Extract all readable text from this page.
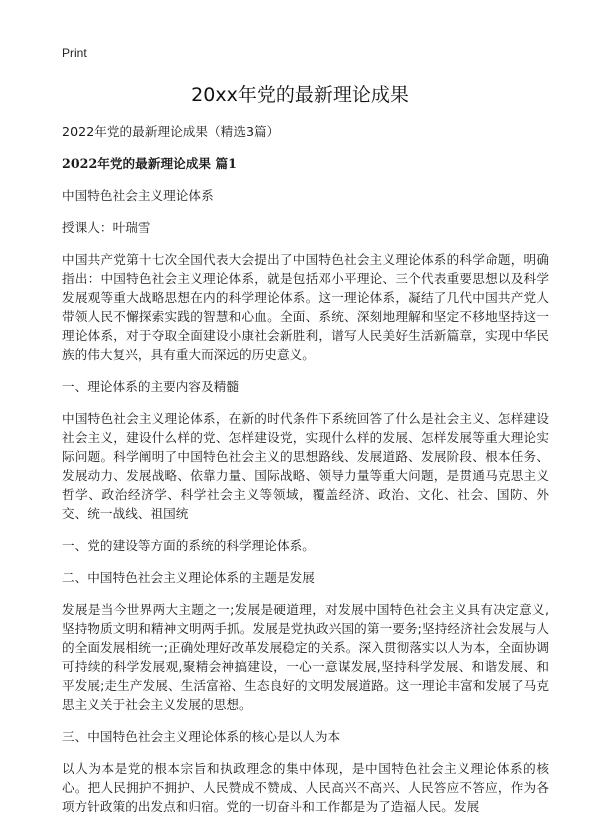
Print
20xx年党的最新理论成果

2022年党的最新理论成果（精选3篇）

2022年党的最新理论成果 篇1

中国特色社会主义理论体系

授课人：叶瑞雪

中国共产党第十七次全国代表大会提出了中国特色社会主义理论体系的科学命题，明确指出：中国特色社会主义理论体系，就是包括邓小平理论、三个代表重要思想以及科学发展观等重大战略思想在内的科学理论体系。这一理论体系，凝结了几代中国共产党人带领人民不懈探索实践的智慧和心血。全面、系统、深刻地理解和坚定不移地坚持这一理论体系，对于夺取全面建设小康社会新胜利，谱写人民美好生活新篇章，实现中华民族的伟大复兴，具有重大而深远的历史意义。

一、理论体系的主要内容及精髓

中国特色社会主义理论体系，在新的时代条件下系统回答了什么是社会主义、怎样建设社会主义，建设什么样的党、怎样建设党，实现什么样的发展、怎样发展等重大理论实际问题。科学阐明了中国特色社会主义的思想路线、发展道路、发展阶段、根本任务、发展动力、发展战略、依靠力量、国际战略、领导力量等重大问题，是贯通马克思主义哲学、政治经济学、科学社会主义等领域，覆盖经济、政治、文化、社会、国防、外交、统一战线、祖国统

一、党的建设等方面的系统的科学理论体系。

二、中国特色社会主义理论体系的主题是发展

发展是当今世界两大主题之一;发展是硬道理，对发展中国特色社会主义具有决定意义,坚持物质文明和精神文明两手抓。发展是党执政兴国的第一要务;坚持经济社会发展与人的全面发展相统一;正确处理好改革发展稳定的关系。深入贯彻落实以人为本，全面协调可持续的科学发展观,聚精会神搞建设，一心一意谋发展,坚持科学发展、和谐发展、和平发展;走生产发展、生活富裕、生态良好的文明发展道路。这一理论丰富和发展了马克思主义关于社会主义发展的思想。

三、中国特色社会主义理论体系的核心是以人为本

以人为本是党的根本宗旨和执政理念的集中体现，是中国特色社会主义理论体系的核心。把人民拥护不拥护、人民赞成不赞成、人民高兴不高兴、人民答应不答应，作为各项方针政策的出发点和归宿。党的一切奋斗和工作都是为了造福人民。发展
